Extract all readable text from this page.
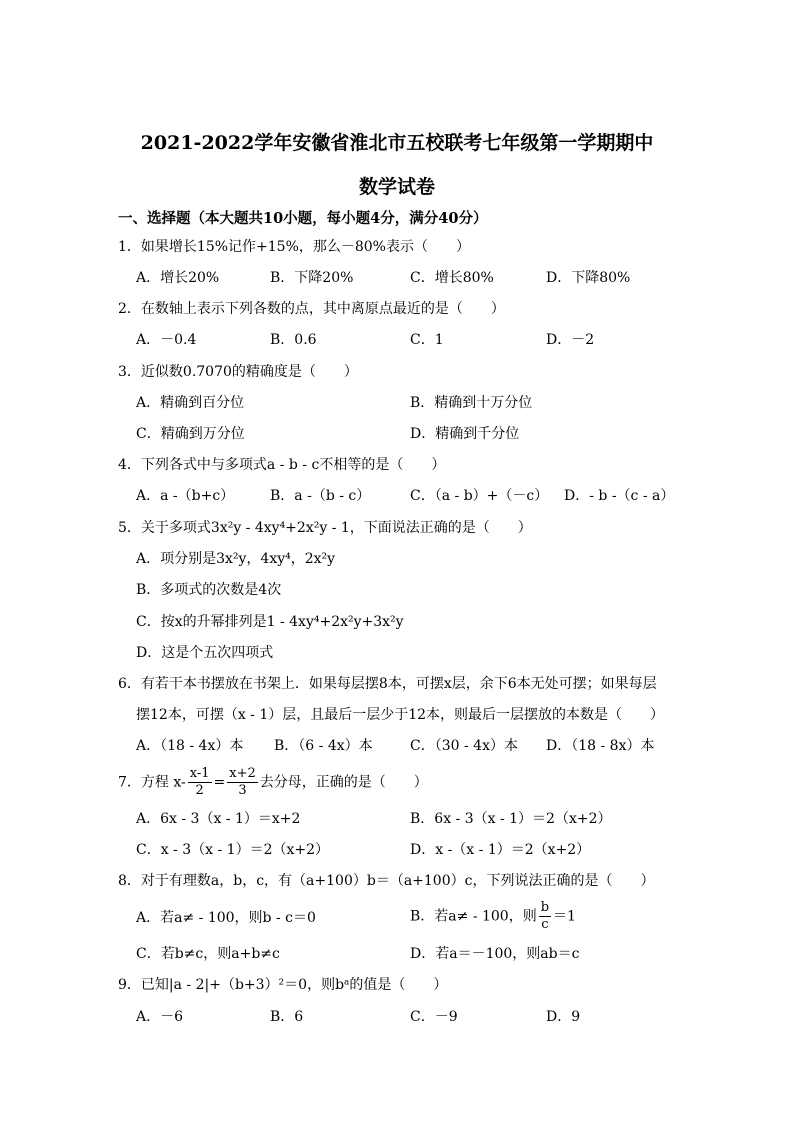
2021-2022学年安徽省淮北市五校联考七年级第一学期期中
数学试卷
一、选择题（本大题共10小题，每小题4分，满分40分）
1．如果增长15%记作+15%，那么－80%表示（　　）
A．增长20%	B．下降20%	C．增长80%	D．下降80%
2．在数轴上表示下列各数的点，其中离原点最近的是（　　）
A．－0.4	B．0.6	C．1	D．－2
3．近似数0.7070的精确度是（　　）
A．精确到百分位	B．精确到十万分位
C．精确到万分位	D．精确到千分位
4．下列各式中与多项式a - b - c不相等的是（　　）
A．a -（b+c）	B．a -（b - c）	C．（a - b）+（－c） D．- b -（c - a）
5．关于多项式3x²y - 4xy⁴+2x²y - 1，下面说法正确的是（　　）
A．项分别是3x²y，4xy⁴，2x²y
B．多项式的次数是4次
C．按x的升幂排列是1 - 4xy⁴+2x²y+3x²y
D．这是个五次四项式
6．有若干本书摆放在书架上．如果每层摆8本，可摆x层，余下6本无处可摆；如果每层
摆12本，可摆（x - 1）层，且最后一层少于12本，则最后一层摆放的本数是（　　）
A．（18 - 4x）本 B．（6 - 4x）本	C．（30 - 4x）本 D．（18 - 8x）本
7．方程 $x- \frac{x-1}{2} = \frac{x+2}{3}$ 去分母，正确的是（　　）
A．6x - 3（x - 1）＝x+2	B．6x - 3（x - 1）＝2（x+2）
C．x - 3（x - 1）＝2（x+2）	D．x -（x - 1）＝2（x+2）
8．对于有理数a，b，c，有（a+100）b＝（a+100）c，下列说法正确的是（　　）
A．若a≠ - 100，则b - c＝0	B．若a≠ - 100，则 $\frac{b}{c} =1$
C．若b≠c，则a+b≠c	D．若a＝－100，则ab＝c
9．已知|a - 2|+（b+3）²＝0，则bᵃ的值是（　　）
A．－6	B．6	C．－9	D．9
